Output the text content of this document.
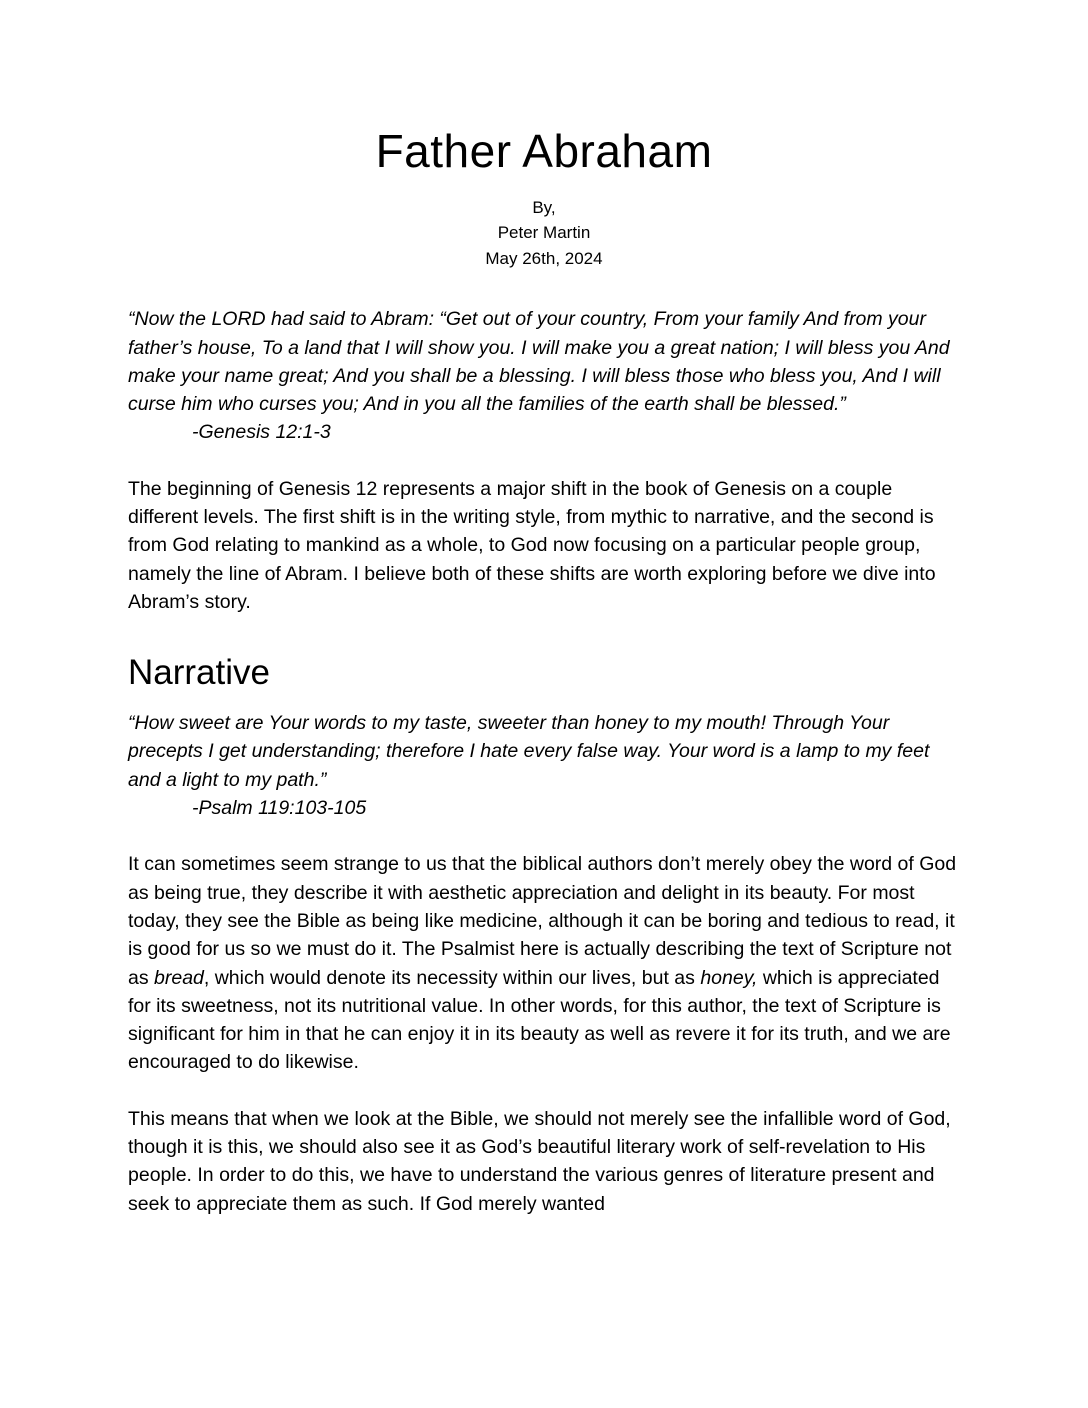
Father Abraham
By,
Peter Martin
May 26th, 2024

“Now the LORD had said to Abram: “Get out of your country, From your family And from your father’s house, To a land that I will show you. I will make you a great nation; I will bless you And make your name great; And you shall be a blessing. I will bless those who bless you, And I will curse him who curses you; And in you all the families of the earth shall be blessed.”

-Genesis 12:1-3

The beginning of Genesis 12 represents a major shift in the book of Genesis on a couple different levels. The first shift is in the writing style, from mythic to narrative, and the second is from God relating to mankind as a whole, to God now focusing on a particular people group, namely the line of Abram. I believe both of these shifts are worth exploring before we dive into Abram’s story.

Narrative

“How sweet are Your words to my taste, sweeter than honey to my mouth! Through Your precepts I get understanding; therefore I hate every false way. Your word is a lamp to my feet and a light to my path.”

-Psalm 119:103-105

It can sometimes seem strange to us that the biblical authors don’t merely obey the word of God as being true, they describe it with aesthetic appreciation and delight in its beauty. For most today, they see the Bible as being like medicine, although it can be boring and tedious to read, it is good for us so we must do it. The Psalmist here is actually describing the text of Scripture not as bread, which would denote its necessity within our lives, but as honey, which is appreciated for its sweetness, not its nutritional value. In other words, for this author, the text of Scripture is significant for him in that he can enjoy it in its beauty as well as revere it for its truth, and we are encouraged to do likewise.

This means that when we look at the Bible, we should not merely see the infallible word of God, though it is this, we should also see it as God’s beautiful literary work of self-revelation to His people. In order to do this, we have to understand the various genres of literature present and seek to appreciate them as such. If God merely wanted
